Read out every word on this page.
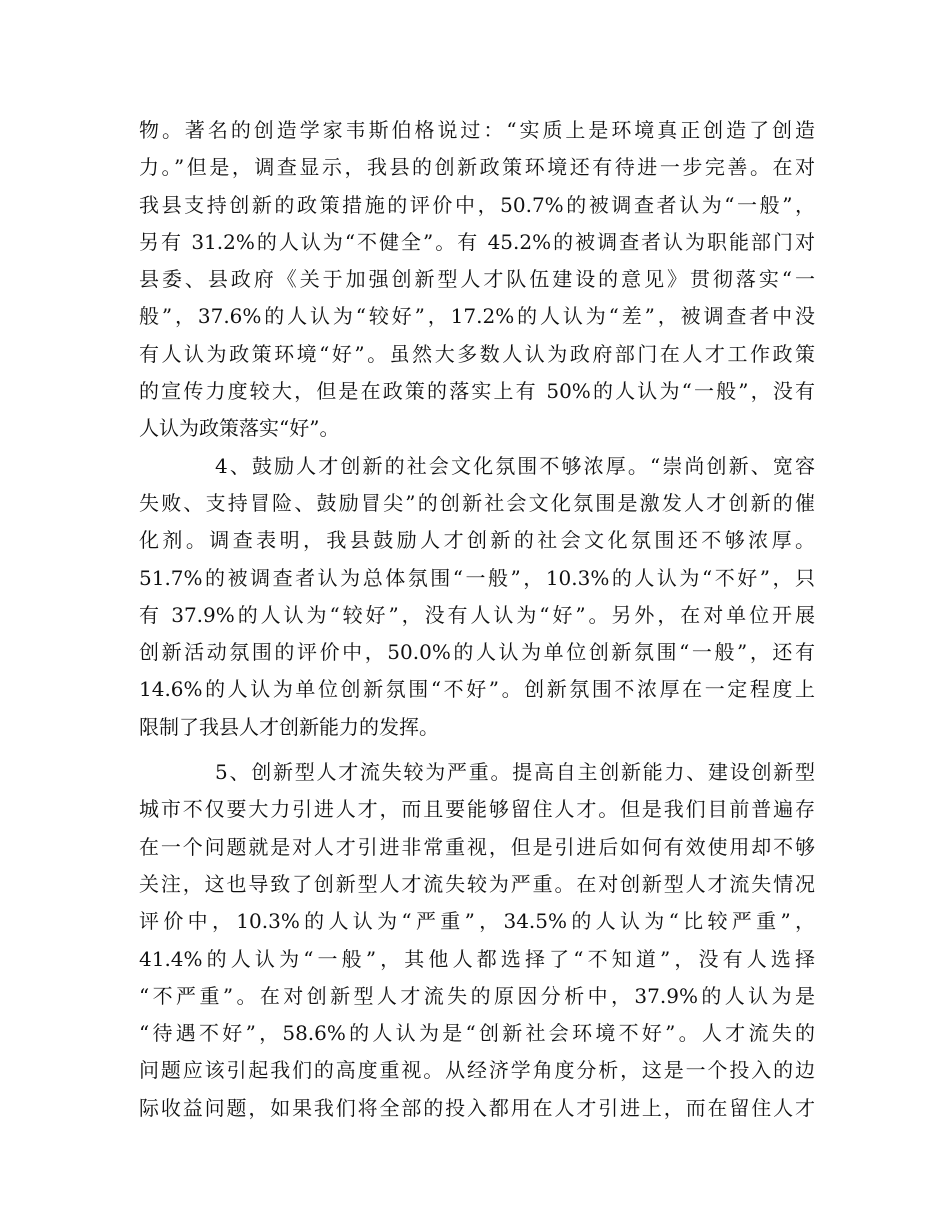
物。著名的创造学家韦斯伯格说过：“实质上是环境真正创造了创造
力。”但是，调查显示，我县的创新政策环境还有待进一步完善。在对
我县支持创新的政策措施的评价中，50.7%的被调查者认为“一般”，
另有 31.2%的人认为“不健全”。有 45.2%的被调查者认为职能部门对
县委、县政府《关于加强创新型人才队伍建设的意见》贯彻落实“一
般”，37.6%的人认为“较好”，17.2%的人认为“差”，被调查者中没
有人认为政策环境“好”。虽然大多数人认为政府部门在人才工作政策
的宣传力度较大，但是在政策的落实上有 50%的人认为“一般”，没有
人认为政策落实“好”。
4、鼓励人才创新的社会文化氛围不够浓厚。“崇尚创新、宽容
失败、支持冒险、鼓励冒尖”的创新社会文化氛围是激发人才创新的催
化剂。调查表明，我县鼓励人才创新的社会文化氛围还不够浓厚。
51.7%的被调查者认为总体氛围“一般”，10.3%的人认为“不好”，只
有 37.9%的人认为“较好”，没有人认为“好”。另外，在对单位开展
创新活动氛围的评价中，50.0%的人认为单位创新氛围“一般”，还有
14.6%的人认为单位创新氛围“不好”。创新氛围不浓厚在一定程度上
限制了我县人才创新能力的发挥。
5、创新型人才流失较为严重。提高自主创新能力、建设创新型
城市不仅要大力引进人才，而且要能够留住人才。但是我们目前普遍存
在一个问题就是对人才引进非常重视，但是引进后如何有效使用却不够
关注，这也导致了创新型人才流失较为严重。在对创新型人才流失情况
评价中，10.3%的人认为“严重”，34.5%的人认为“比较严重”，
41.4%的人认为“一般”，其他人都选择了“不知道”，没有人选择
“不严重”。在对创新型人才流失的原因分析中，37.9%的人认为是
“待遇不好”，58.6%的人认为是“创新社会环境不好”。人才流失的
问题应该引起我们的高度重视。从经济学角度分析，这是一个投入的边
际收益问题，如果我们将全部的投入都用在人才引进上，而在留住人才
